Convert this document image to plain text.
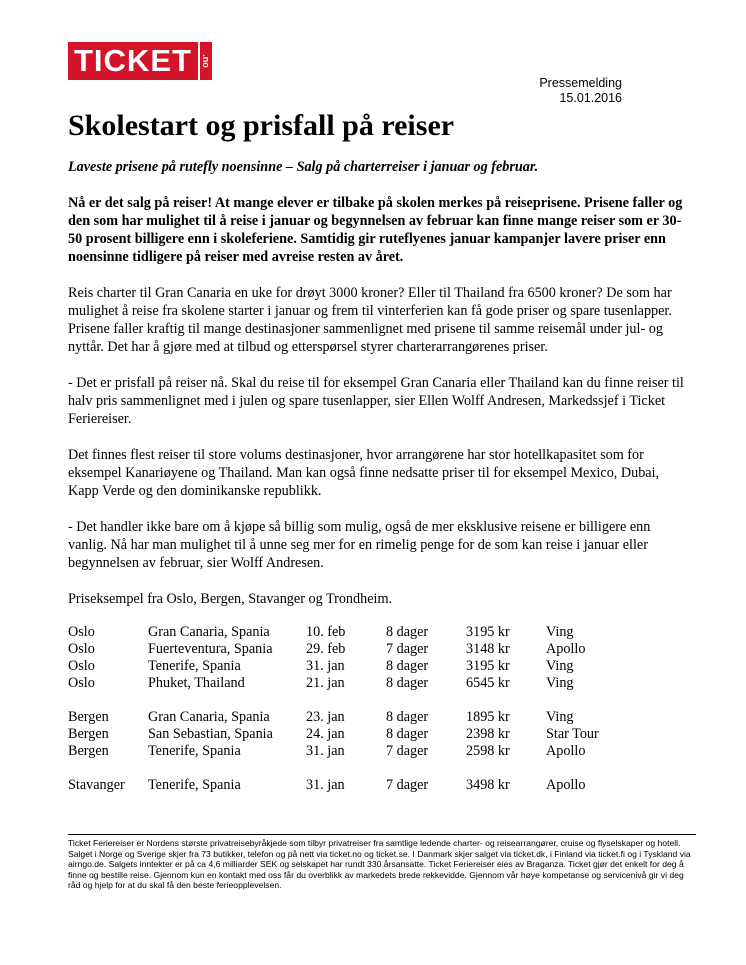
TICKET	.no
Pressemelding
15.01.2016
Skolestart og prisfall på reiser

Laveste prisene på rutefly noensinne – Salg på charterreiser i januar og februar.

Nå er det salg på reiser! At mange elever er tilbake på skolen merkes på reiseprisene. Prisene faller og den som har mulighet til å reise i januar og begynnelsen av februar kan finne mange reiser som er 30-50 prosent billigere enn i skoleferiene. Samtidig gir ruteflyenes januar kampanjer lavere priser enn noensinne tidligere på reiser med avreise resten av året.

Reis charter til Gran Canaria en uke for drøyt 3000 kroner? Eller til Thailand fra 6500 kroner? De som har mulighet å reise fra skolene starter i januar og frem til vinterferien kan få gode priser og spare tusenlapper. Prisene faller kraftig til mange destinasjoner sammenlignet med prisene til samme reisemål under jul- og nyttår. Det har å gjøre med at tilbud og etterspørsel styrer charterarrangørenes priser.

- Det er prisfall på reiser nå. Skal du reise til for eksempel Gran Canaria eller Thailand kan du finne reiser til halv pris sammenlignet med i julen og spare tusenlapper, sier Ellen Wolff Andresen, Markedssjef i Ticket Feriereiser.

Det finnes flest reiser til store volums destinasjoner, hvor arrangørene har stor hotellkapasitet som for eksempel Kanariøyene og Thailand. Man kan også finne nedsatte priser til for eksempel Mexico, Dubai, Kapp Verde og den dominikanske republikk.

- Det handler ikke bare om å kjøpe så billig som mulig, også de mer eksklusive reisene er billigere enn vanlig. Nå har man mulighet til å unne seg mer for en rimelig penge for de som kan reise i januar eller begynnelsen av februar, sier Wolff Andresen.

Priseksempel fra Oslo, Bergen, Stavanger og Trondheim.

Oslo	Gran Canaria, Spania	10. feb	8 dager	3195 kr	Ving
Oslo	Fuerteventura, Spania	29. feb	7 dager	3148 kr	Apollo
Oslo	Tenerife, Spania	31. jan	8 dager	3195 kr	Ving
Oslo	Phuket, Thailand	21. jan	8 dager	6545 kr	Ving

Bergen	Gran Canaria, Spania	23. jan	8 dager	1895 kr	Ving
Bergen	San Sebastian, Spania	24. jan	8 dager	2398 kr	Star Tour
Bergen	Tenerife, Spania	31. jan	7 dager	2598 kr	Apollo

Stavanger	Tenerife, Spania	31. jan	7 dager	3498 kr	Apollo
Ticket Feriereiser er Nordens største privatreisebyråkjede som tilbyr privatreiser fra samtlige ledende charter- og reisearrangører, cruise og flyselskaper og hotell. Salget i Norge og Sverige skjer fra 73 butikker, telefon og på nett via ticket.no og ticket.se. I Danmark skjer salget via ticket.dk, i Finland via ticket.fi og i Tyskland via airngo.de. Salgets inntekter er på ca 4,6 milliarder SEK og selskapet har rundt 330 årsansatte. Ticket Feriereiser eies av Braganza. Ticket gjør det enkelt for deg å finne og bestille reise. Gjennom kun en kontakt med oss får du overblikk av markedets brede rekkevidde. Gjennom vår høye kompetanse og servicenivå gir vi deg råd og hjelp for at du skal få den beste ferieopplevelsen.
